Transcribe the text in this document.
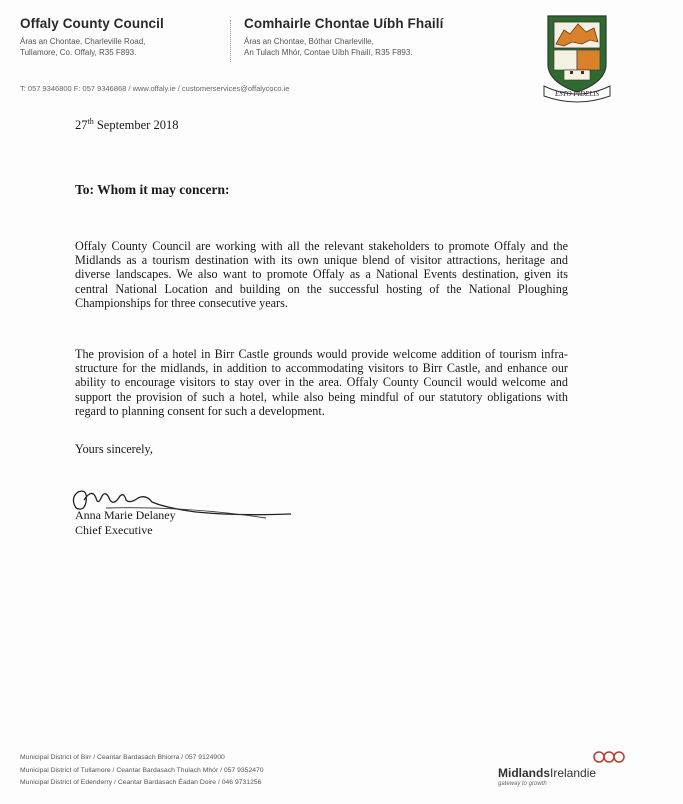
Offaly County Council
Áras an Chontae, Charleville Road,
Tullamore, Co. Offaly, R35 F893.
Comhairle Chontae Uíbh Fhailí
Áras an Chontae, Bóthar Charleville,
An Tulach Mhór, Contae Uíbh Fhailí, R35 F893.
T: 057 9346800 F: 057 9346868 / www.offaly.ie / customerservices@offalycoco.ie
ESTO FIDELIS
27th September 2018
To: Whom it may concern:
Offaly County Council are working with all the relevant stakeholders to promote Offaly and the Midlands as a tourism destination with its own unique blend of visitor attractions, heritage and diverse landscapes. We also want to promote Offaly as a National Events destination, given its central National Location and building on the successful hosting of the National Ploughing Championships for three consecutive years.
The provision of a hotel in Birr Castle grounds would provide welcome addition of tourism infra-structure for the midlands, in addition to accommodating visitors to Birr Castle, and enhance our ability to encourage visitors to stay over in the area. Offaly County Council would welcome and support the provision of such a hotel, while also being mindful of our statutory obligations with regard to planning consent for such a development.
Yours sincerely,
Anna Marie Delaney
Chief Executive
Municipal District of Birr / Ceantar Bardasach Bhiorra / 057 9124900
Municipal District of Tullamore / Ceantar Bardasach Thulach Mhór / 057 9352470
Municipal District of Edenderry / Ceantar Bardasach Éadan Doire / 046 9731256
MidlandsIrelandie
gateway to growth
